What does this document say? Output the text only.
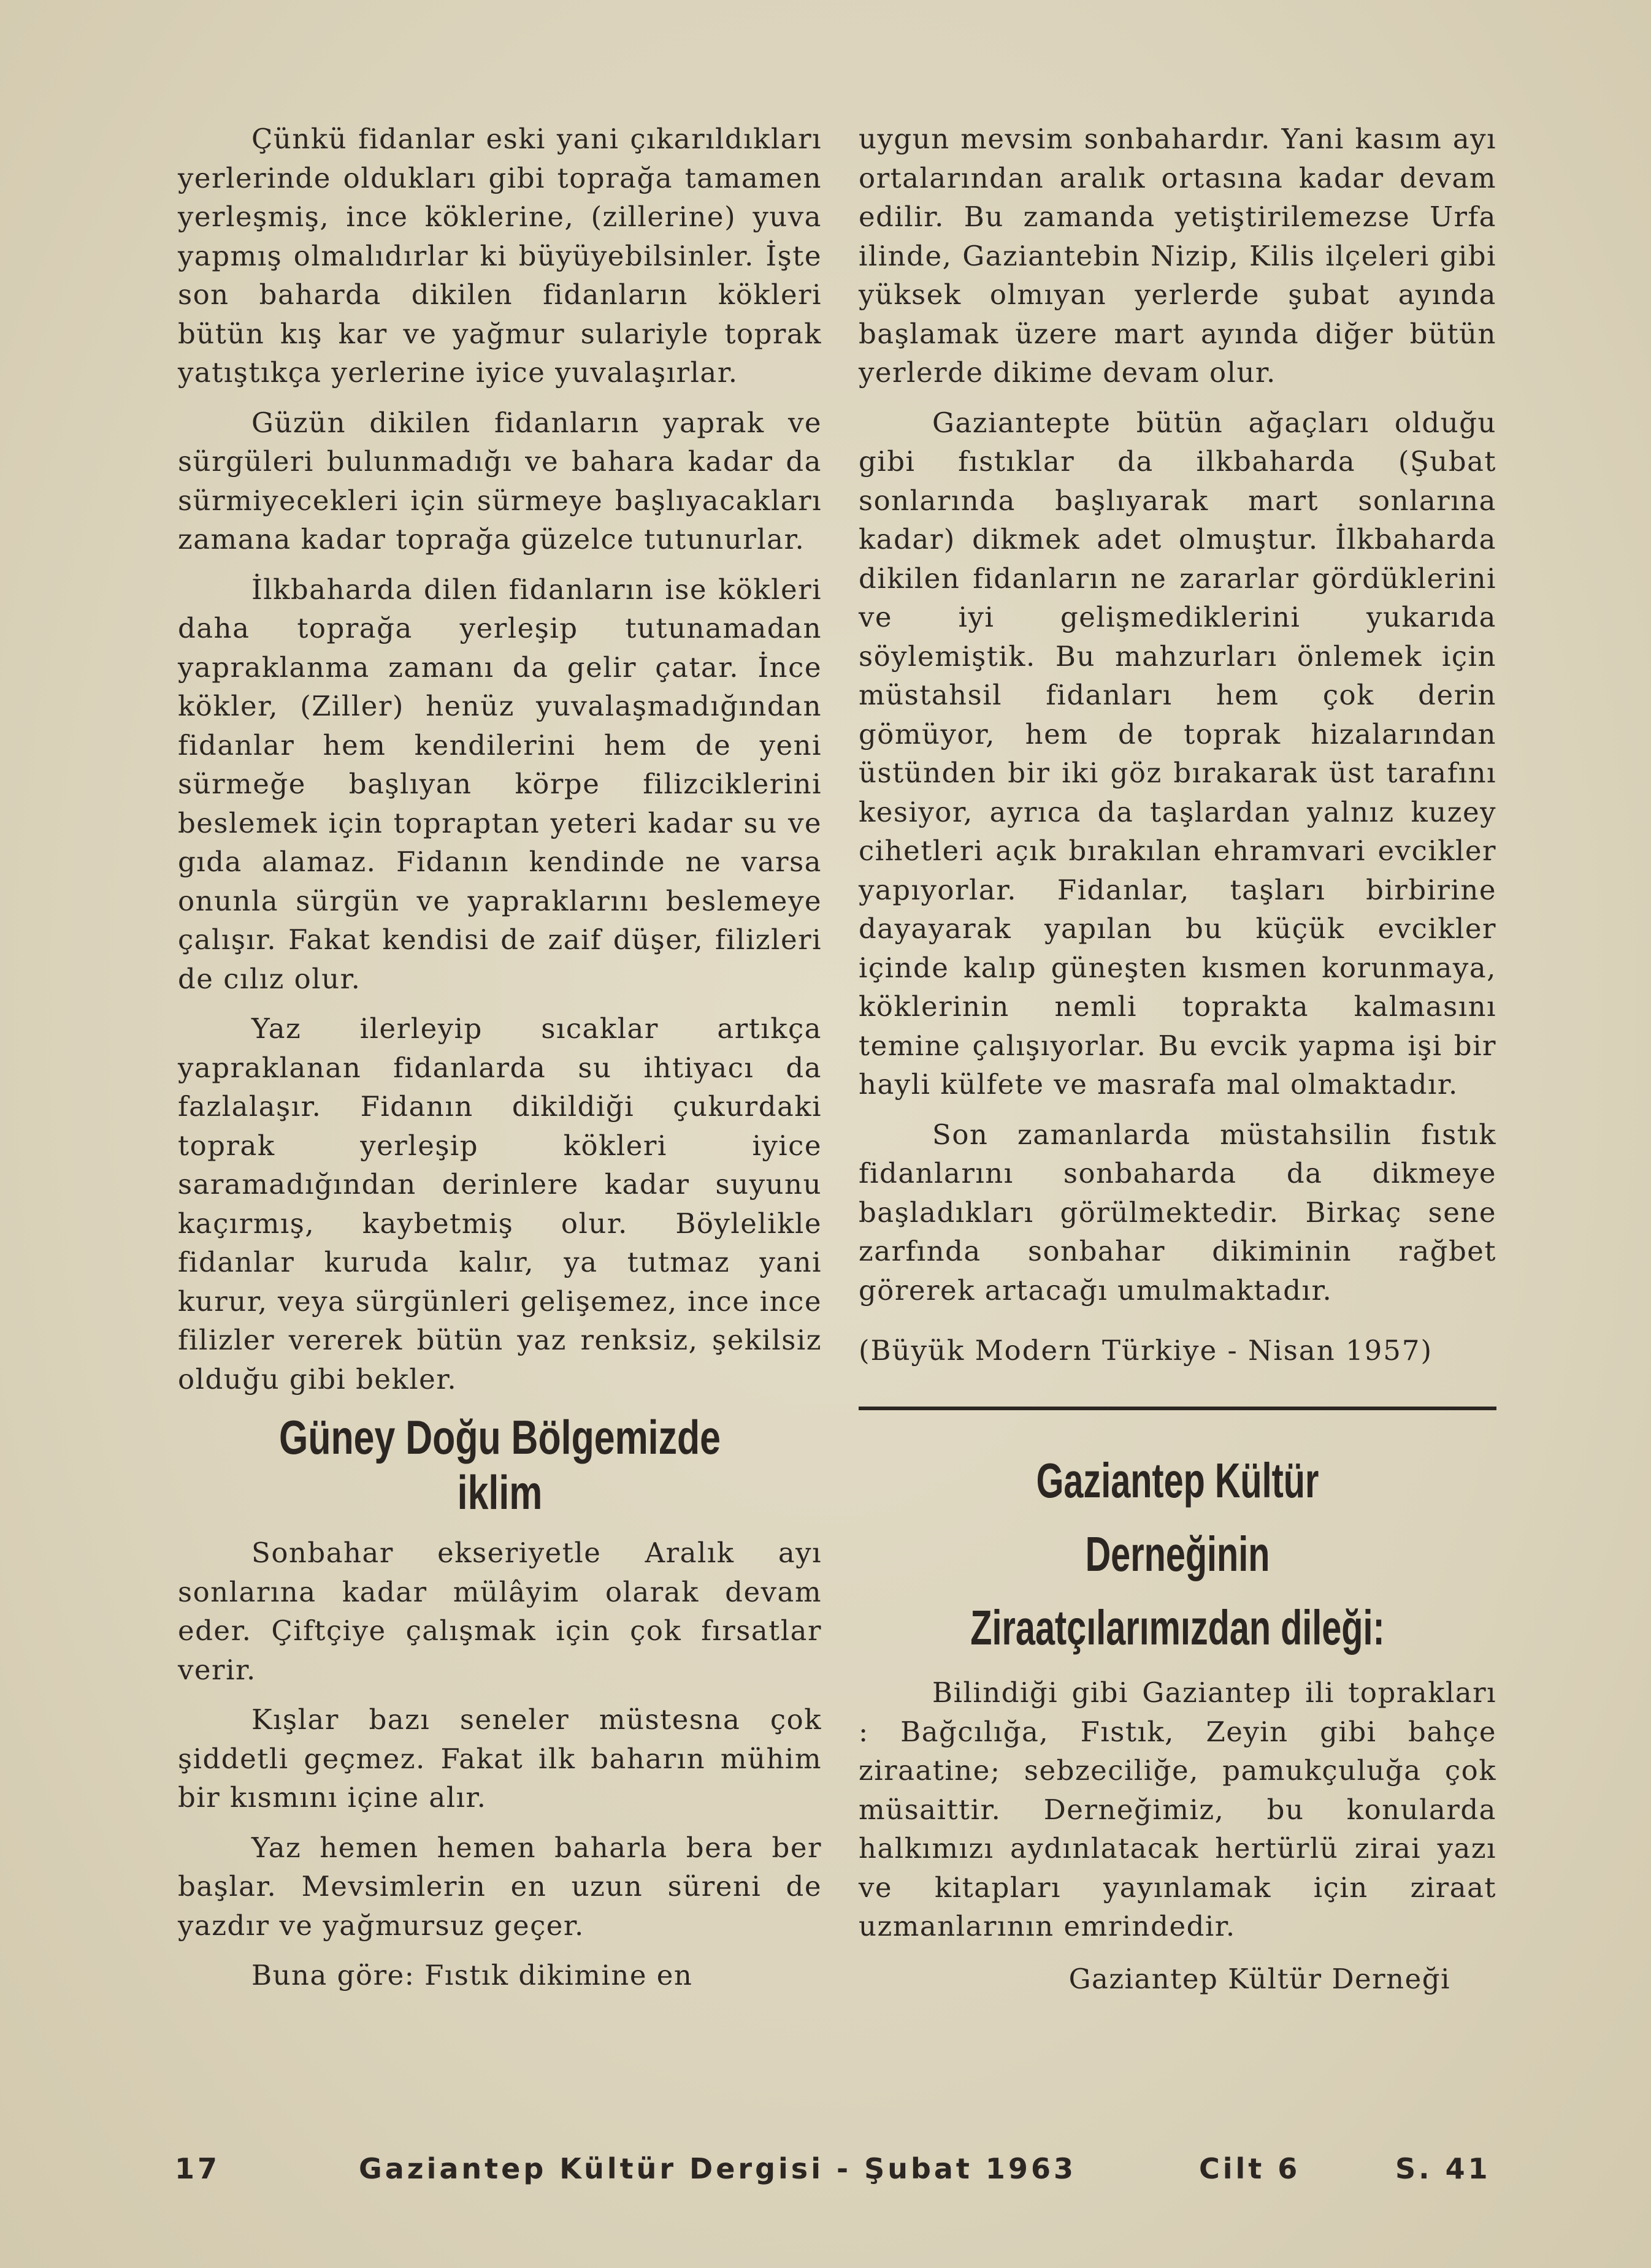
Çünkü fidanlar eski yani çıkarıldıkları yerlerinde oldukları gibi toprağa tamamen yerleşmiş, ince köklerine, (zillerine) yuva yapmış olmalıdırlar ki büyüyebilsinler. İşte son baharda dikilen fidanların kökleri bütün kış kar ve yağmur sulariyle toprak yatıştıkça yerlerine iyice yuvalaşırlar.

Güzün dikilen fidanların yaprak ve sürgüleri bulunmadığı ve bahara kadar da sürmiyecekleri için sürmeye başlıyacakları zamana kadar toprağa güzelce tutunurlar.

İlkbaharda dilen fidanların ise kökleri daha toprağa yerleşip tutunamadan yapraklanma zamanı da gelir çatar. İnce kökler, (Ziller) henüz yuvalaşmadığından fidanlar hem kendilerini hem de yeni sürmeğe başlıyan körpe filizciklerini beslemek için topraptan yeteri kadar su ve gıda alamaz. Fidanın kendinde ne varsa onunla sürgün ve yapraklarını beslemeye çalışır. Fakat kendisi de zaif düşer, filizleri de cılız olur.

Yaz ilerleyip sıcaklar artıkça yapraklanan fidanlarda su ihtiyacı da fazlalaşır. Fidanın dikildiği çukurdaki toprak yerleşip kökleri iyice saramadığından derinlere kadar suyunu kaçırmış, kaybetmiş olur. Böylelikle fidanlar kuruda kalır, ya tutmaz yani kurur, veya sürgünleri gelişemez, ince ince filizler vererek bütün yaz renksiz, şekilsiz olduğu gibi bekler.

Güney Doğu Bölgemizde iklim

Sonbahar ekseriyetle Aralık ayı sonlarına kadar mülâyim olarak devam eder. Çiftçiye çalışmak için çok fırsatlar verir.

Kışlar bazı seneler müstesna çok şiddetli geçmez. Fakat ilk baharın mühim bir kısmını içine alır.

Yaz hemen hemen baharla bera ber başlar. Mevsimlerin en uzun süreni de yazdır ve yağmursuz geçer.

Buna göre: Fıstık dikimine en

uygun mevsim sonbahardır. Yani kasım ayı ortalarından aralık ortasına kadar devam edilir. Bu zamanda yetiştirilemezse Urfa ilinde, Gaziantebin Nizip, Kilis ilçeleri gibi yüksek olmıyan yerlerde şubat ayında başlamak üzere mart ayında diğer bütün yerlerde dikime devam olur.

Gaziantepte bütün ağaçları olduğu gibi fıstıklar da ilkbaharda (Şubat sonlarında başlıyarak mart sonlarına kadar) dikmek adet olmuştur. İlkbaharda dikilen fidanların ne zararlar gördüklerini ve iyi gelişmediklerini yukarıda söylemiştik. Bu mahzurları önlemek için müstahsil fidanları hem çok derin gömüyor, hem de toprak hizalarından üstünden bir iki göz bırakarak üst tarafını kesiyor, ayrıca da taşlardan yalnız kuzey cihetleri açık bırakılan ehramvari evcikler yapıyorlar. Fidanlar, taşları birbirine dayayarak yapılan bu küçük evcikler içinde kalıp güneşten kısmen korunmaya, köklerinin nemli toprakta kalmasını temine çalışıyorlar. Bu evcik yapma işi bir hayli külfete ve masrafa mal olmaktadır.

Son zamanlarda müstahsilin fıstık fidanlarını sonbaharda da dikmeye başladıkları görülmektedir. Birkaç sene zarfında sonbahar dikiminin rağbet görerek artacağı umulmaktadır.

(Büyük Modern Türkiye - Nisan 1957)

Gaziantep Kültür Derneğinin
Ziraatçılarımızdan dileği:

Bilindiği gibi Gaziantep ili toprakları : Bağcılığa, Fıstık, Zeyin gibi bahçe ziraatine; sebzeciliğe, pamukçuluğa çok müsaittir. Derneğimiz, bu konularda halkımızı aydınlatacak hertürlü zirai yazı ve kitapları yayınlamak için ziraat uzmanlarının emrindedir.

Gaziantep Kültür Derneği
17	Gaziantep Kültür Dergisi - Şubat 1963	Cilt 6	S. 41
